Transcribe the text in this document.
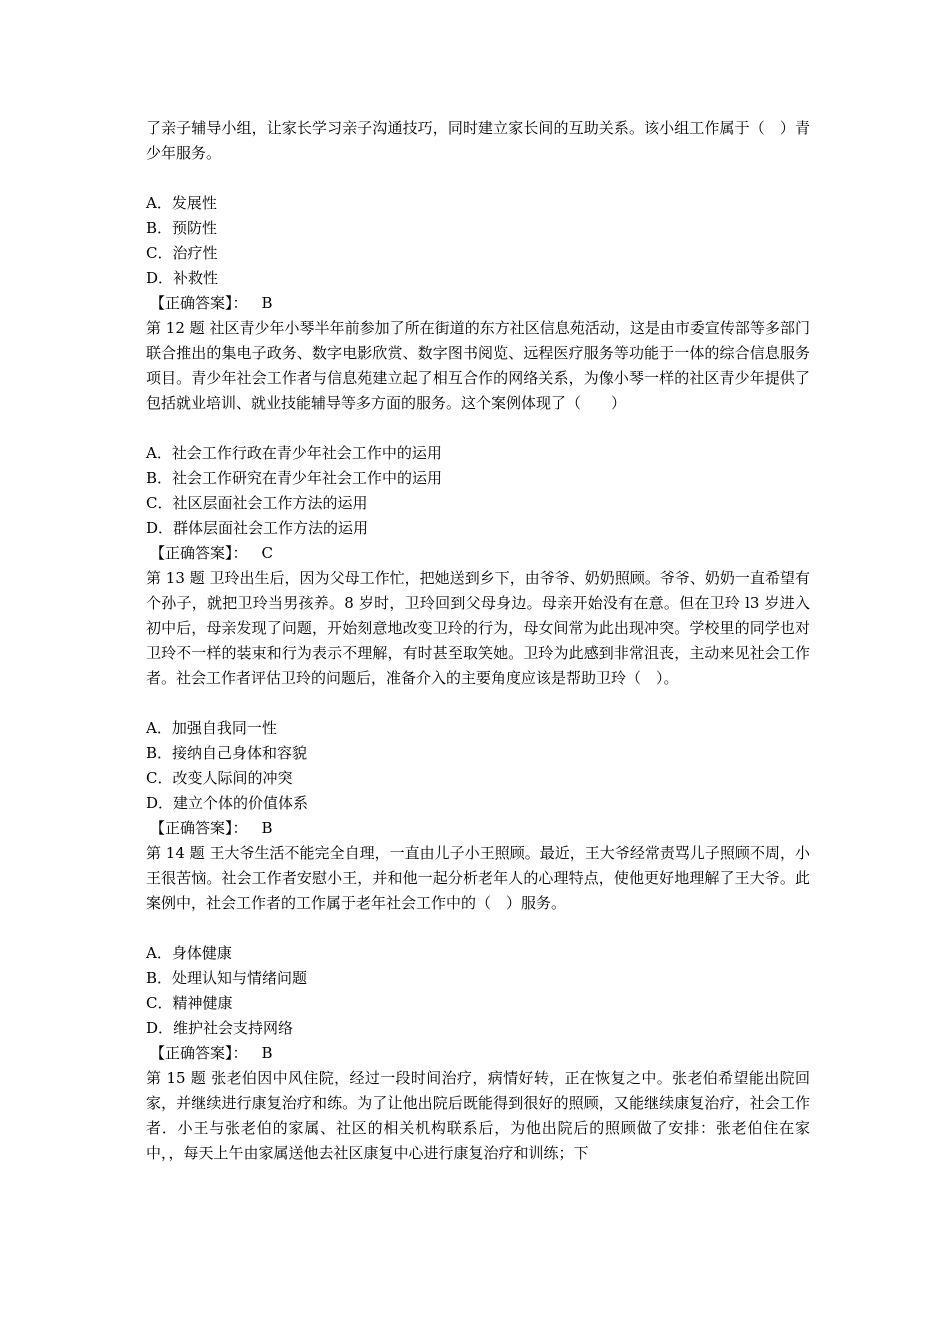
了亲子辅导小组，让家长学习亲子沟通技巧，同时建立家长间的互助关系。该小组工作属于（　）青少年服务。

A．发展性

B．预防性

C．治疗性

D．补救性

【正确答案】： B

第 12 题 社区青少年小琴半年前参加了所在街道的东方社区信息苑活动，这是由市委宣传部等多部门联合推出的集电子政务、数字电影欣赏、数字图书阅览、远程医疗服务等功能于一体的综合信息服务项目。青少年社会工作者与信息苑建立起了相互合作的网络关系，为像小琴一样的社区青少年提供了包括就业培训、就业技能辅导等多方面的服务。这个案例体现了（　　）

A．社会工作行政在青少年社会工作中的运用

B．社会工作研究在青少年社会工作中的运用

C．社区层面社会工作方法的运用

D．群体层面社会工作方法的运用

【正确答案】： C

第 13 题 卫玲出生后，因为父母工作忙，把她送到乡下，由爷爷、奶奶照顾。爷爷、奶奶一直希望有个孙子，就把卫玲当男孩养。8 岁时，卫玲回到父母身边。母亲开始没有在意。但在卫玲 l3 岁进入初中后，母亲发现了问题，开始刻意地改变卫玲的行为，母女间常为此出现冲突。学校里的同学也对卫玲不一样的装束和行为表示不理解，有时甚至取笑她。卫玲为此感到非常沮丧，主动来见社会工作者。社会工作者评估卫玲的问题后，准备介入的主要角度应该是帮助卫玲（　）。

A．加强自我同一性

B．接纳自己身体和容貌

C．改变人际间的冲突

D．建立个体的价值体系

【正确答案】： B

第 14 题 王大爷生活不能完全自理，一直由儿子小王照顾。最近，王大爷经常责骂儿子照顾不周，小王很苦恼。社会工作者安慰小王，并和他一起分析老年人的心理特点，使他更好地理解了王大爷。此案例中，社会工作者的工作属于老年社会工作中的（　）服务。

A．身体健康

B．处理认知与情绪问题

C．精神健康

D．维护社会支持网络

【正确答案】： B

第 15 题 张老伯因中风住院，经过一段时间治疗，病情好转，正在恢复之中。张老伯希望能出院回家，并继续进行康复治疗和练。为了让他出院后既能得到很好的照顾，又能继续康复治疗，社会工作者．小王与张老伯的家属、社区的相关机构联系后，为他出院后的照顾做了安排：张老伯住在家中，，每天上午由家属送他去社区康复中心进行康复治疗和训练；下
